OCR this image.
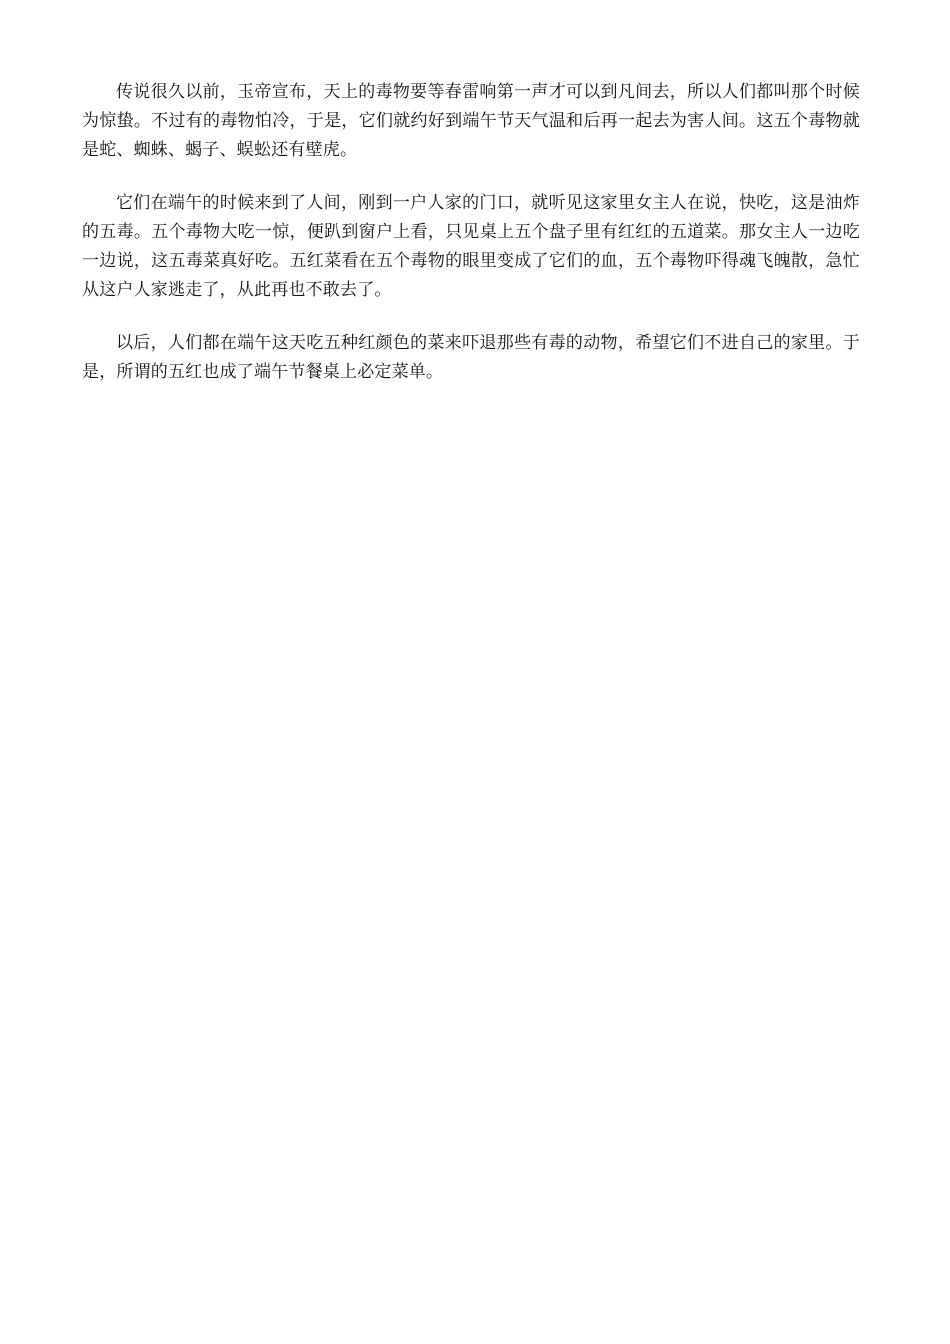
传说很久以前，玉帝宣布，天上的毒物要等春雷响第一声才可以到凡间去，所以人们都叫那个时候为惊蛰。不过有的毒物怕冷，于是，它们就约好到端午节天气温和后再一起去为害人间。这五个毒物就是蛇、蜘蛛、蝎子、蜈蚣还有壁虎。

它们在端午的时候来到了人间，刚到一户人家的门口，就听见这家里女主人在说，快吃，这是油炸的五毒。五个毒物大吃一惊，便趴到窗户上看，只见桌上五个盘子里有红红的五道菜。那女主人一边吃一边说，这五毒菜真好吃。五红菜看在五个毒物的眼里变成了它们的血，五个毒物吓得魂飞魄散，急忙从这户人家逃走了，从此再也不敢去了。

以后，人们都在端午这天吃五种红颜色的菜来吓退那些有毒的动物，希望它们不进自己的家里。于是，所谓的五红也成了端午节餐桌上必定菜单。
